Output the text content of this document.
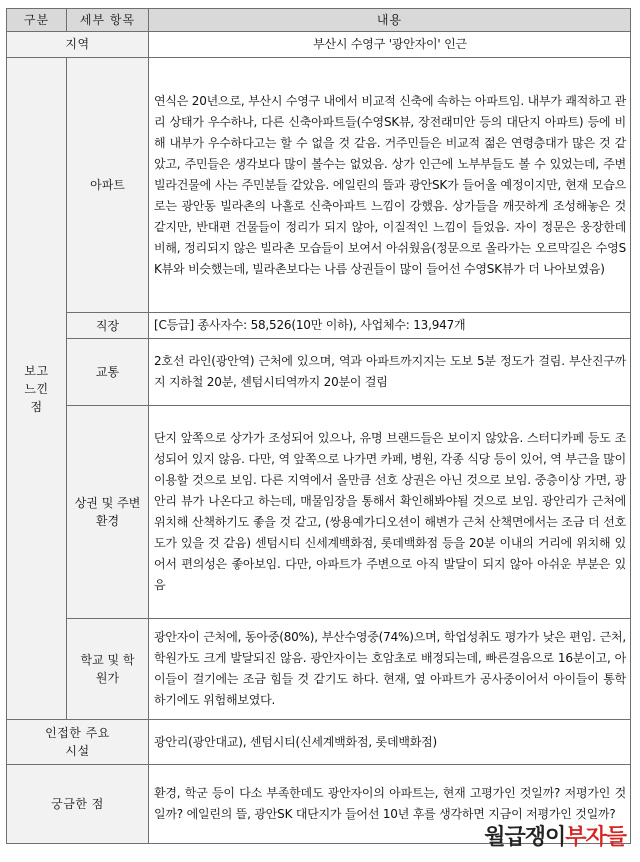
구분	세부 항목	내용
지역		부산시 수영구 '광안자이' 인근
보고 느낀 점	아파트	연식은 20년으로, 부산시 수영구 내에서 비교적 신축에 속하는 아파트임. 내부가 쾌적하고 관리 상태가 우수하나, 다른 신축아파트들(수영SK뷰, 장전래미안 등의 대단지 아파트) 등에 비해 내부가 우수하다고는 할 수 없을 것 같음. 거주민들은 비교적 젊은 연령층대가 많은 것 같았고, 주민들은 생각보다 많이 볼수는 없었음. 상가 인근에 노부부들도 볼 수 있었는데, 주변 빌라건물에 사는 주민분들 같았음. 에일린의 뜰과 광안SK가 들어올 예정이지만, 현재 모습으로는 광안동 빌라촌의 나홀로 신축아파트 느낌이 강했음. 상가들을 깨끗하게 조성해놓은 것 같지만, 반대편 건물들이 정리가 되지 않아, 이질적인 느낌이 들었음. 자이 정문은 웅장한데 비해, 정리되지 않은 빌라촌 모습들이 보여서 아쉬웠음(정문으로 올라가는 오르막길은 수영SK뷰와 비슷했는데, 빌라촌보다는 나름 상권들이 많이 들어선 수영SK뷰가 더 나아보였음)
	직장	[C등급] 종사자수: 58,526(10만 이하), 사업체수: 13,947개
	교통	2호선 라인(광안역) 근처에 있으며, 역과 아파트까지지는 도보 5분 정도가 걸림. 부산진구까지 지하철 20분, 센텀시티역까지 20분이 걸림
	상권 및 주변 환경	단지 앞쪽으로 상가가 조성되어 있으나, 유명 브랜드들은 보이지 않았음. 스터디카페 등도 조성되어 있지 않음. 다만, 역 앞쪽으로 나가면 카페, 병원, 각종 식당 등이 있어, 역 부근을 많이 이용할 것으로 보임. 다른 지역에서 올만큼 선호 상권은 아닌 것으로 보임. 중층이상 가면, 광안리 뷰가 나온다고 하는데, 매물임장을 통해서 확인해봐야될 것으로 보임. 광안리가 근처에 위치해 산책하기도 좋을 것 같고, (쌍용예가디오션이 해변가 근처 산책면에서는 조금 더 선호도가 있을 것 같음) 센텀시티 신세계백화점, 롯데백화점 등을 20분 이내의 거리에 위치해 있어서 편의성은 좋아보임. 다만, 아파트가 주변으로 아직 발달이 되지 않아 아쉬운 부분은 있음
	학교 및 학원가	광안자이 근처에, 동아중(80%), 부산수영중(74%)으며, 학업성취도 평가가 낮은 편임. 근처, 학원가도 크게 발달되진 않음. 광안자이는 호암초로 배정되는데, 빠른걸음으로 16분이고, 아이들이 걸기에는 조금 힘들 것 같기도 하다. 현재, 옆 아파트가 공사중이어서 아이들이 통학하기에도 위험해보였다.
인접한 주요 시설		광안리(광안대교), 센텀시티(신세계백화점, 롯데백화점)
궁금한 점		환경, 학군 등이 다소 부족한데도 광안자이의 아파트는, 현재 고평가인 것일까? 저평가인 것일까? 에일린의 뜰, 광안SK 대단지가 들어선 10년 후를 생각하면 지금이 저평가인 것일까?
월급쟁이부자들
